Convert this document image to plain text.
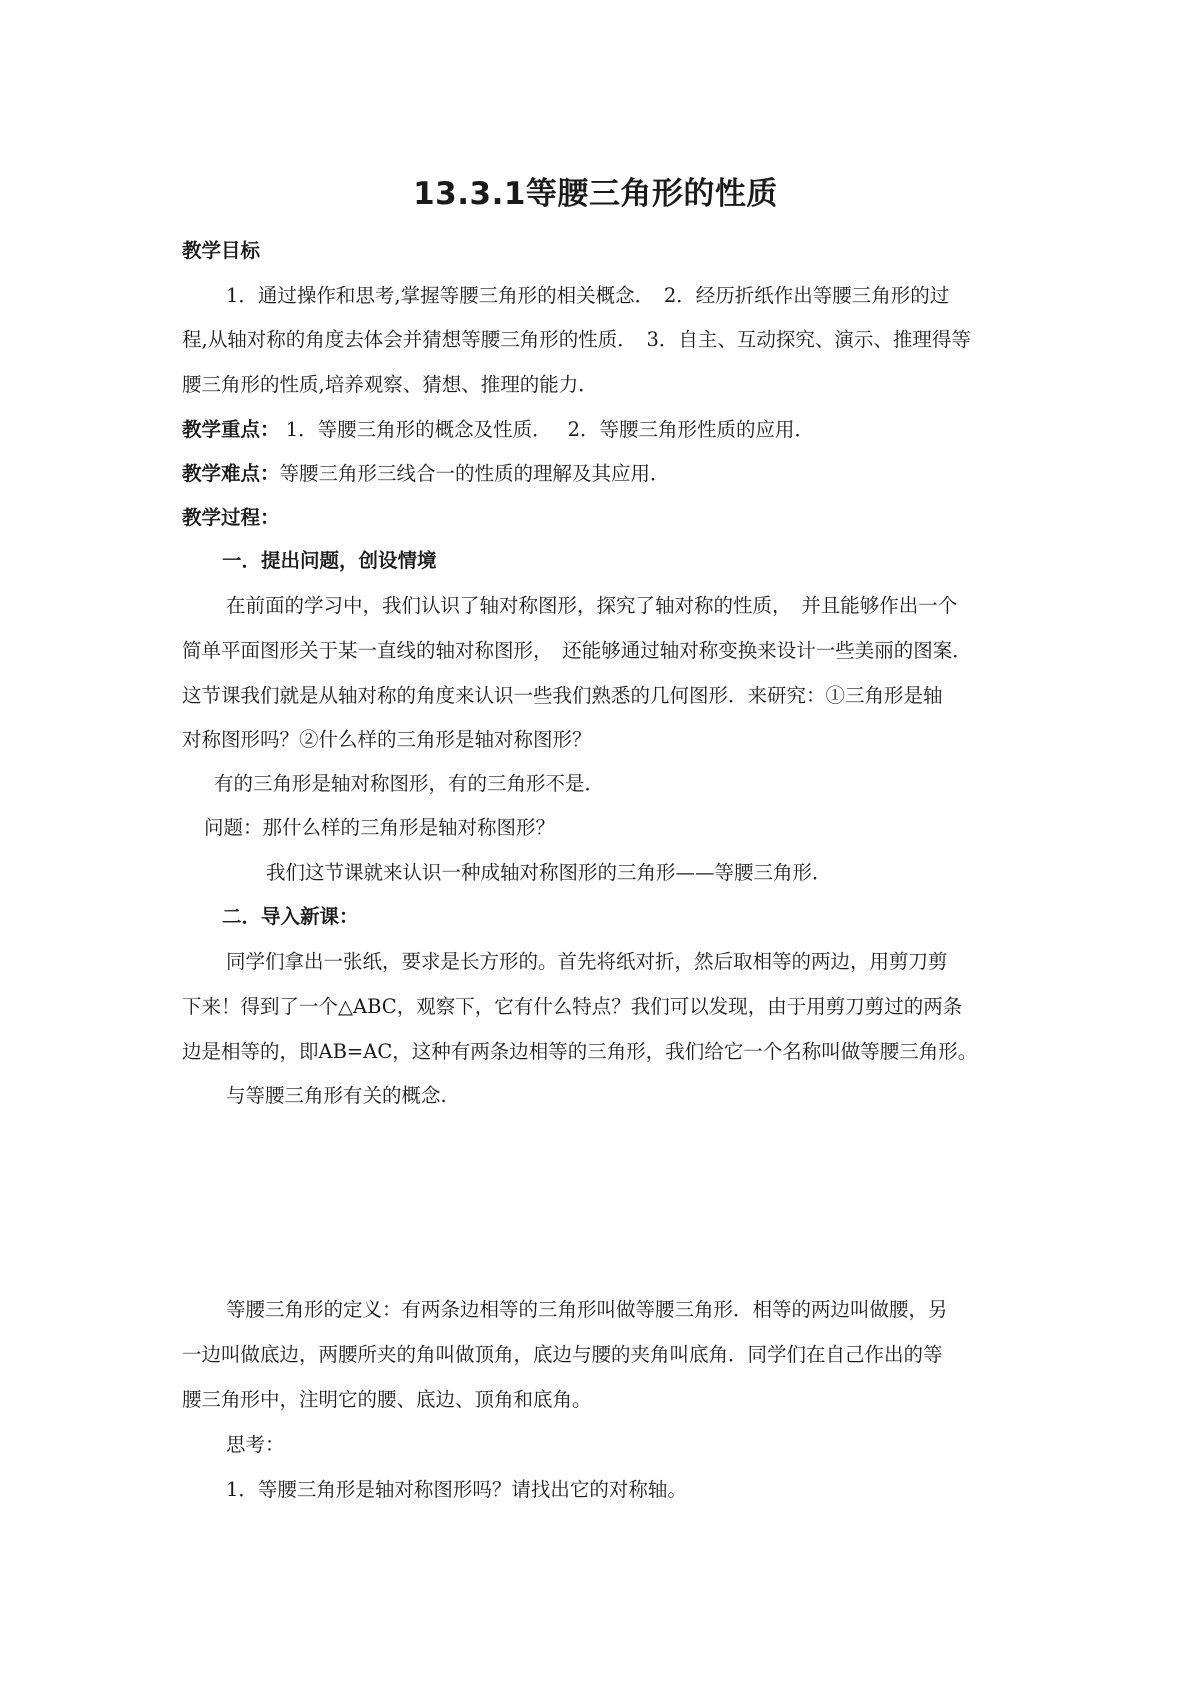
13.3.1等腰三角形的性质
教学目标
1．通过操作和思考,掌握等腰三角形的相关概念．　2．经历折纸作出等腰三角形的过
程,从轴对称的角度去体会并猜想等腰三角形的性质．　3．自主、互动探究、演示、推理得等
腰三角形的性质,培养观察、猜想、推理的能力．
教学重点： 1．等腰三角形的概念及性质．　 2．等腰三角形性质的应用．
教学难点：等腰三角形三线合一的性质的理解及其应用．
教学过程：
一．提出问题，创设情境
在前面的学习中，我们认识了轴对称图形，探究了轴对称的性质，　并且能够作出一个
简单平面图形关于某一直线的轴对称图形，　还能够通过轴对称变换来设计一些美丽的图案．
这节课我们就是从轴对称的角度来认识一些我们熟悉的几何图形．来研究：①三角形是轴
对称图形吗？②什么样的三角形是轴对称图形？
有的三角形是轴对称图形，有的三角形不是．
问题：那什么样的三角形是轴对称图形？
我们这节课就来认识一种成轴对称图形的三角形——等腰三角形．
二．导入新课：
同学们拿出一张纸，要求是长方形的。首先将纸对折，然后取相等的两边，用剪刀剪
下来！得到了一个△ABC，观察下，它有什么特点？我们可以发现，由于用剪刀剪过的两条
边是相等的，即AB=AC，这种有两条边相等的三角形，我们给它一个名称叫做等腰三角形。
与等腰三角形有关的概念.
等腰三角形的定义：有两条边相等的三角形叫做等腰三角形．相等的两边叫做腰，另
一边叫做底边，两腰所夹的角叫做顶角，底边与腰的夹角叫底角．同学们在自己作出的等
腰三角形中，注明它的腰、底边、顶角和底角。
思考：
1．等腰三角形是轴对称图形吗？请找出它的对称轴。
